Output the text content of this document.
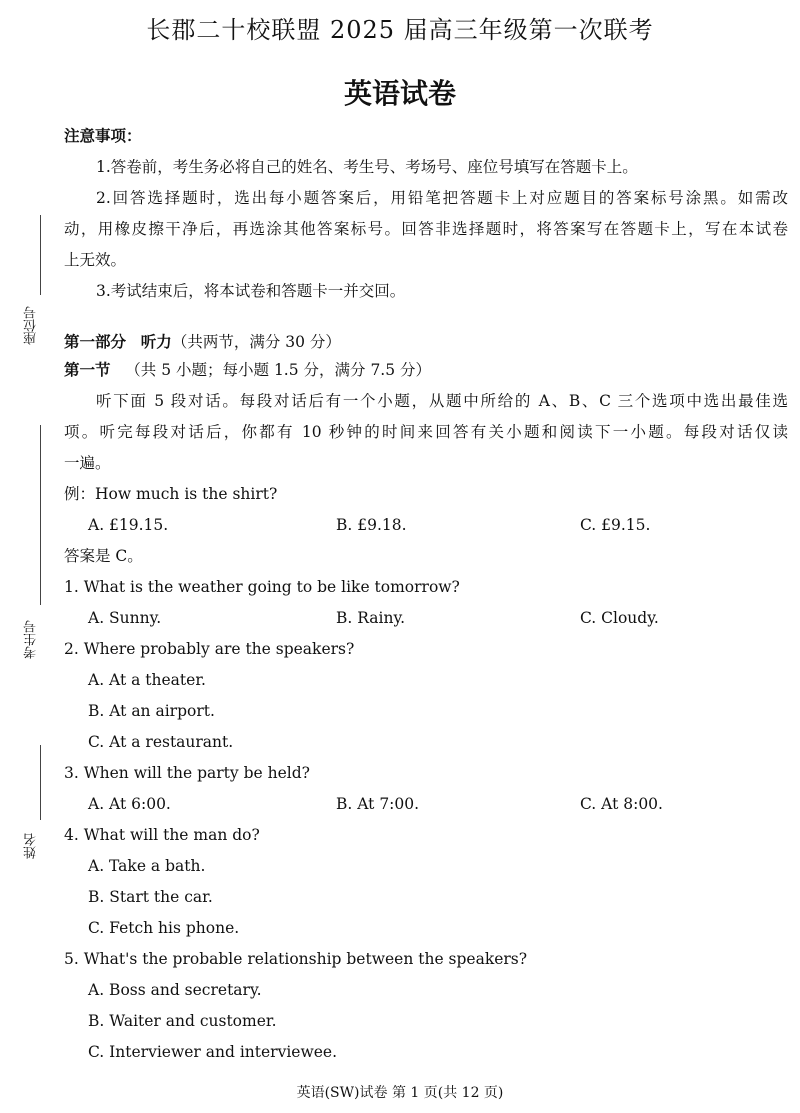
座位号
考生号
姓名
长郡二十校联盟 2025 届高三年级第一次联考
英语试卷
注意事项：
1.答卷前，考生务必将自己的姓名、考生号、考场号、座位号填写在答题卡上。
2.回答选择题时，选出每小题答案后，用铅笔把答题卡上对应题目的答案标号涂黑。如需改
动，用橡皮擦干净后，再选涂其他答案标号。回答非选择题时，将答案写在答题卡上，写在本试卷
上无效。
3.考试结束后，将本试卷和答题卡一并交回。
第一部分 听力（共两节，满分 30 分）
第一节 （共 5 小题；每小题 1.5 分，满分 7.5 分）
听下面 5 段对话。每段对话后有一个小题，从题中所给的 A、B、C 三个选项中选出最佳选
项。听完每段对话后，你都有 10 秒钟的时间来回答有关小题和阅读下一小题。每段对话仅读
一遍。
例：How much is the shirt?
A. £19.15.	B. £9.18.	C. £9.15.
答案是 C。
1. What is the weather going to be like tomorrow?
A. Sunny.	B. Rainy.	C. Cloudy.
2. Where probably are the speakers?
A. At a theater.
B. At an airport.
C. At a restaurant.
3. When will the party be held?
A. At 6:00.	B. At 7:00.	C. At 8:00.
4. What will the man do?
A. Take a bath.
B. Start the car.
C. Fetch his phone.
5. What's the probable relationship between the speakers?
A. Boss and secretary.
B. Waiter and customer.
C. Interviewer and interviewee.
英语(SW)试卷 第 1 页(共 12 页)
